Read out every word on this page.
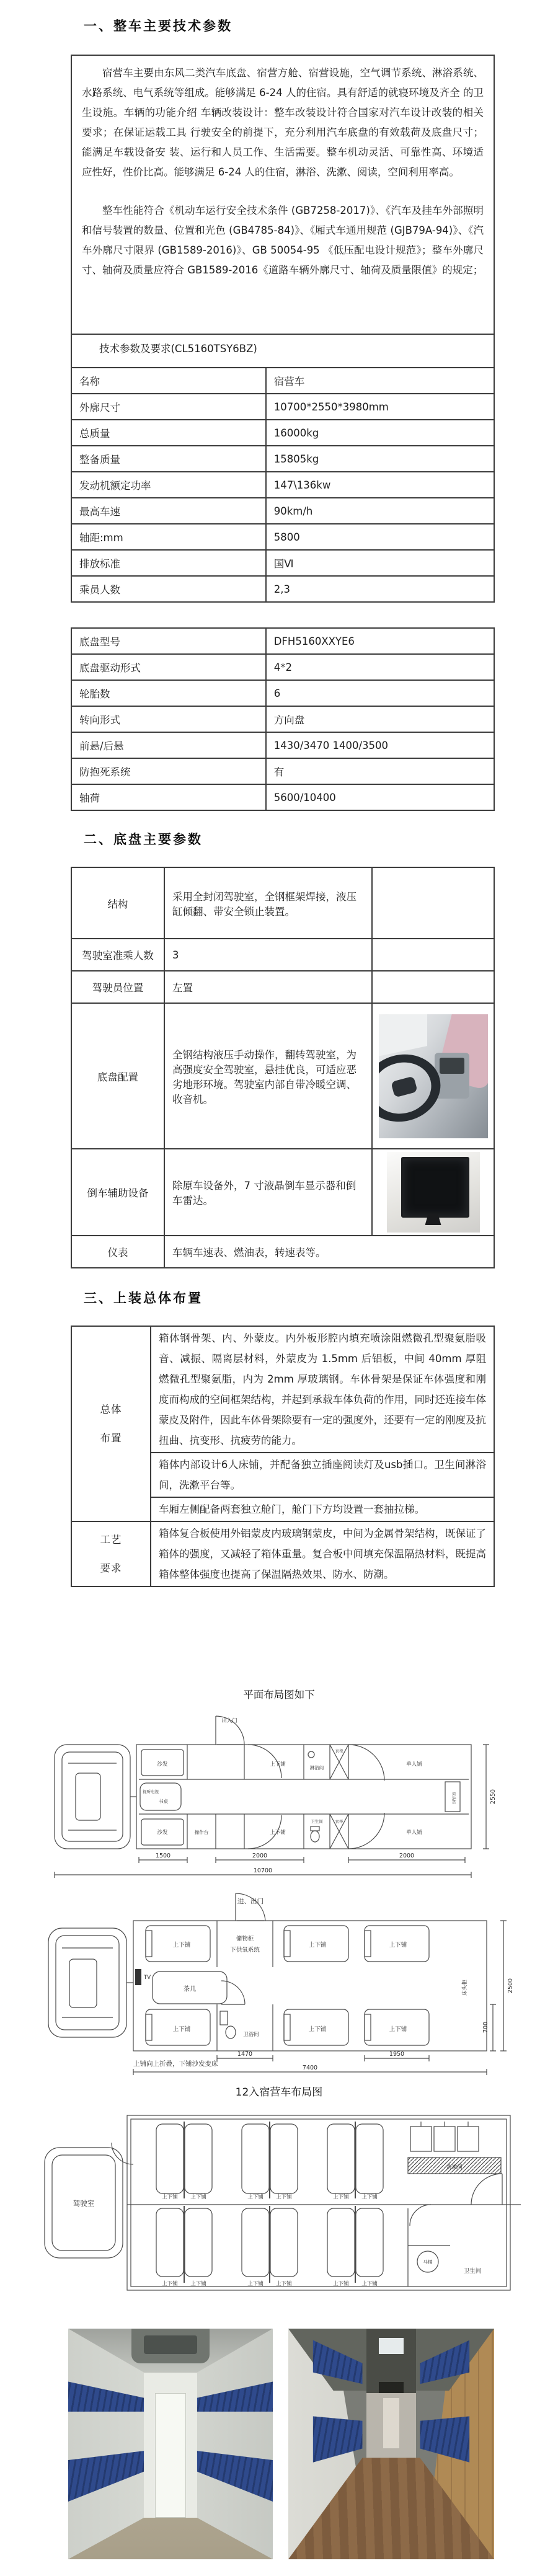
一、整车主要技术参数

宿营车主要由东风二类汽车底盘、宿营方舱、宿营设施，空气调节系统、淋浴系统、水路系统、电气系统等组成。能够满足 6-24 人的住宿。具有舒适的就寝环境及齐全 的卫生设施。车辆的功能介绍 车辆改装设计：整车改装设计符合国家对汽车设计改装的相关要求；在保证运载工具 行驶安全的前提下，充分利用汽车底盘的有效载荷及底盘尺寸；能满足车载设备安 装、运行和人员工作、生活需要。整车机动灵活、可靠性高、环境适应性好，性价比高。能够满足 6-24 人的住宿，淋浴、洗漱、阅读，空间利用率高。

整车性能符合《机动车运行安全技术条件 (GB7258-2017)》、《汽车及挂车外部照明和信号装置的数量、位置和光色 (GB4785-84)》、《厢式车通用规范 (GJB79A-94)》、《汽车外廓尺寸限界 (GB1589-2016)》、GB 50054-95 《低压配电设计规范》；整车外廓尺寸、轴荷及质量应符合 GB1589-2016《道路车辆外廓尺寸、轴荷及质量限值》的规定；

技术参数及要求(CL5160TSY6BZ)
名称	宿营车
外廓尺寸	10700*2550*3980mm
总质量	16000kg
整备质量	15805kg
发动机额定功率	147\136kw
最高车速	90km/h
轴距:mm	5800
排放标准	国Ⅵ
乘员人数	2,3
底盘型号	DFH5160XXYE6
底盘驱动形式	4*2
轮胎数	6
转向形式	方向盘
前悬/后悬	1430/3470 1400/3500
防抱死系统	有
轴荷	5600/10400
二、底盘主要参数
结构	采用全封闭驾驶室，全钢框架焊接，液压缸倾翻、带安全锁止装置。	
驾驶室准乘人数	3	
驾驶员位置	左置	
底盘配置	全钢结构液压手动操作，翻转驾驶室，为高强度安全驾驶室，悬挂优良，可适应恶劣地形环境。驾驶室内部自带冷暖空调、收音机。	

倒车辅助设备	除原车设备外，7 寸液晶倒车显示器和倒车雷达。	

仪表	车辆车速表、燃油表，转速表等。	
三、上装总体布置
总体布置	箱体钢骨架、内、外蒙皮。内外板形腔内填充喷涂阻燃微孔型聚氨脂吸音、减振、隔离层材料，外蒙皮为 1.5mm 后铝板，中间 40mm 厚阻燃微孔型聚氨脂，内为 2mm 厚玻璃钢。车体骨架是保证车体强度和刚度而构成的空间框架结构，并起到承载车体负荷的作用，同时还连接车体蒙皮及附件，因此车体骨架除要有一定的强度外，还要有一定的刚度及抗扭曲、抗变形、抗疲劳的能力。
	箱体内部设计6人床铺，并配备独立插座阅读灯及usb插口。卫生间淋浴间，洗漱平台等。
	车厢左侧配备两套独立舱门，舱门下方均设置一套抽拉梯。

工艺要求	箱体复合板使用外铝蒙皮内玻璃钢蒙皮，中间为金属骨架结构，既保证了箱体的强度，又减轻了箱体重量。复合板中间填充保温隔热材料，既提高箱体整体强度也提高了保温隔热效果、防水、防潮。
平面布局图如下
出入门
沙发	上下铺
淋浴间
衣柜
单人铺
视听电视
书桌	床头柜
沙发	操作台	上下铺
卫生间	衣柜
单人铺
1500	2000	2000
10700
2550
进、出门
上下铺
储物柜
下供氧系统
上下铺	上下铺
TV
茶几	床头柜
上下铺
卫浴间
上下铺	上下铺
上铺向上折叠，下铺沙发变床
1470	1950
7400
2500
700
12入宿营车布局图
驾驶室
上下铺 上下铺	上下铺 上下铺	上下铺 上下铺
洗漱间
上下铺 上下铺	上下铺 上下铺	上下铺 上下铺
马桶
卫生间
